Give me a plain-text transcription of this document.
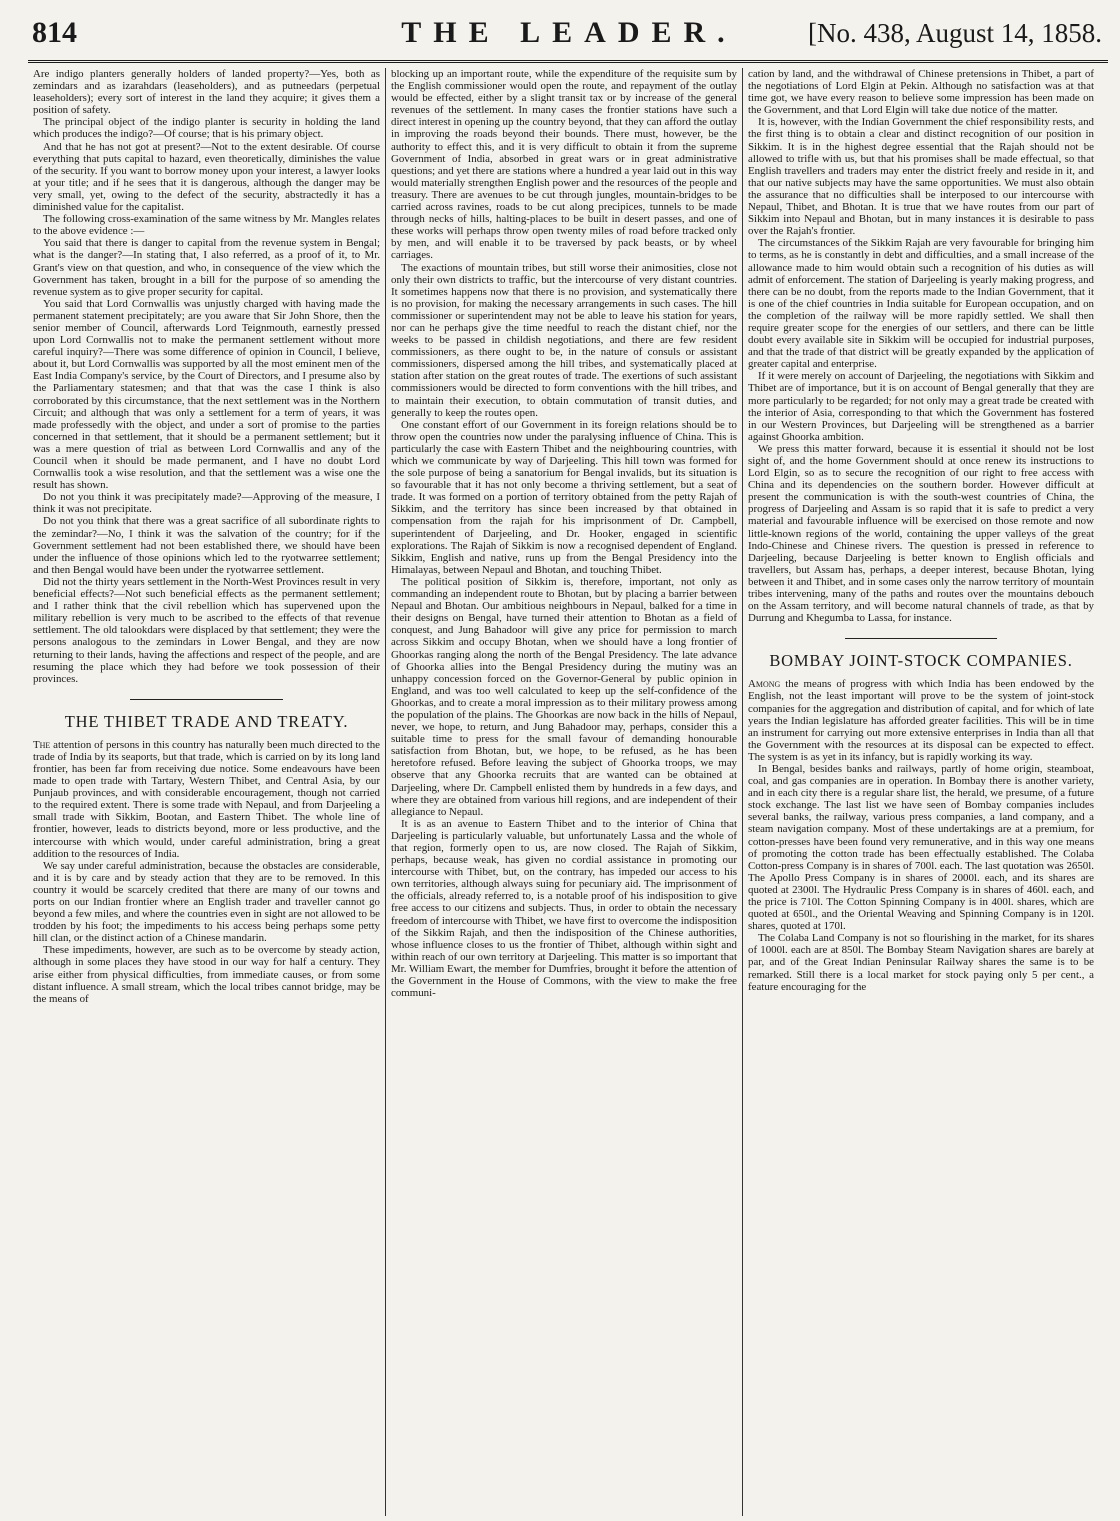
814	THE LEADER.	[No. 438, August 14, 1858.

Are indigo planters generally holders of landed property?—Yes, both as zemindars and as izarahdars (leaseholders), and as putneedars (perpetual leaseholders); every sort of interest in the land they acquire; it gives them a position of safety.

The principal object of the indigo planter is security in holding the land which produces the indigo?—Of course; that is his primary object.

And that he has not got at present?—Not to the extent desirable. Of course everything that puts capital to hazard, even theoretically, diminishes the value of the security. If you want to borrow money upon your interest, a lawyer looks at your title; and if he sees that it is dangerous, although the danger may be very small, yet, owing to the defect of the security, abstractedly it has a diminished value for the capitalist.

The following cross-examination of the same witness by Mr. Mangles relates to the above evidence :—

You said that there is danger to capital from the revenue system in Bengal; what is the danger?—In stating that, I also referred, as a proof of it, to Mr. Grant's view on that question, and who, in consequence of the view which the Government has taken, brought in a bill for the purpose of so amending the revenue system as to give proper security for capital.

You said that Lord Cornwallis was unjustly charged with having made the permanent statement precipitately; are you aware that Sir John Shore, then the senior member of Council, afterwards Lord Teignmouth, earnestly pressed upon Lord Cornwallis not to make the permanent settlement without more careful inquiry?—There was some difference of opinion in Council, I believe, about it, but Lord Cornwallis was supported by all the most eminent men of the East India Company's service, by the Court of Directors, and I presume also by the Parliamentary statesmen; and that that was the case I think is also corroborated by this circumstance, that the next settlement was in the Northern Circuit; and although that was only a settlement for a term of years, it was made professedly with the object, and under a sort of promise to the parties concerned in that settlement, that it should be a permanent settlement; but it was a mere question of trial as between Lord Cornwallis and any of the Council when it should be made permanent, and I have no doubt Lord Cornwallis took a wise resolution, and that the settlement was a wise one the result has shown.

Do not you think it was precipitately made?—Approving of the measure, I think it was not precipitate.

Do not you think that there was a great sacrifice of all subordinate rights to the zemindar?—No, I think it was the salvation of the country; for if the Government settlement had not been established there, we should have been under the influence of those opinions which led to the ryotwarree settlement; and then Bengal would have been under the ryotwarree settlement.

Did not the thirty years settlement in the North-West Provinces result in very beneficial effects?—Not such beneficial effects as the permanent settlement; and I rather think that the civil rebellion which has supervened upon the military rebellion is very much to be ascribed to the effects of that revenue settlement. The old talookdars were displaced by that settlement; they were the persons analogous to the zemindars in Lower Bengal, and they are now returning to their lands, having the affections and respect of the people, and are resuming the place which they had before we took possession of their provinces.

THE THIBET TRADE AND TREATY.

The attention of persons in this country has naturally been much directed to the trade of India by its seaports, but that trade, which is carried on by its long land frontier, has been far from receiving due notice. Some endeavours have been made to open trade with Tartary, Western Thibet, and Central Asia, by our Punjaub provinces, and with considerable encouragement, though not carried to the required extent. There is some trade with Nepaul, and from Darjeeling a small trade with Sikkim, Bootan, and Eastern Thibet. The whole line of frontier, however, leads to districts beyond, more or less productive, and the intercourse with which would, under careful administration, bring a great addition to the resources of India.

We say under careful administration, because the obstacles are considerable, and it is by care and by steady action that they are to be removed. In this country it would be scarcely credited that there are many of our towns and ports on our Indian frontier where an English trader and traveller cannot go beyond a few miles, and where the countries even in sight are not allowed to be trodden by his foot; the impediments to his access being perhaps some petty hill clan, or the distinct action of a Chinese mandarin.

These impediments, however, are such as to be overcome by steady action, although in some places they have stood in our way for half a century. They arise either from physical difficulties, from immediate causes, or from some distant influence. A small stream, which the local tribes cannot bridge, may be the means of

blocking up an important route, while the expenditure of the requisite sum by the English commissioner would open the route, and repayment of the outlay would be effected, either by a slight transit tax or by increase of the general revenues of the settlement. In many cases the frontier stations have such a direct interest in opening up the country beyond, that they can afford the outlay in improving the roads beyond their bounds. There must, however, be the authority to effect this, and it is very difficult to obtain it from the supreme Government of India, absorbed in great wars or in great administrative questions; and yet there are stations where a hundred a year laid out in this way would materially strengthen English power and the resources of the people and treasury. There are avenues to be cut through jungles, mountain-bridges to be carried across ravines, roads to be cut along precipices, tunnels to be made through necks of hills, halting-places to be built in desert passes, and one of these works will perhaps throw open twenty miles of road before tracked only by men, and will enable it to be traversed by pack beasts, or by wheel carriages.

The exactions of mountain tribes, but still worse their animosities, close not only their own districts to traffic, but the intercourse of very distant countries. It sometimes happens now that there is no provision, and systematically there is no provision, for making the necessary arrangements in such cases. The hill commissioner or superintendent may not be able to leave his station for years, nor can he perhaps give the time needful to reach the distant chief, nor the weeks to be passed in childish negotiations, and there are few resident commissioners, as there ought to be, in the nature of consuls or assistant commissioners, dispersed among the hill tribes, and systematically placed at station after station on the great routes of trade. The exertions of such assistant commissioners would be directed to form conventions with the hill tribes, and to maintain their execution, to obtain commutation of transit duties, and generally to keep the routes open.

One constant effort of our Government in its foreign relations should be to throw open the countries now under the paralysing influence of China. This is particularly the case with Eastern Thibet and the neighbouring countries, with which we communicate by way of Darjeeling. This hill town was formed for the sole purpose of being a sanatorium for Bengal invalids, but its situation is so favourable that it has not only become a thriving settlement, but a seat of trade. It was formed on a portion of territory obtained from the petty Rajah of Sikkim, and the territory has since been increased by that obtained in compensation from the rajah for his imprisonment of Dr. Campbell, superintendent of Darjeeling, and Dr. Hooker, engaged in scientific explorations. The Rajah of Sikkim is now a recognised dependent of England. Sikkim, English and native, runs up from the Bengal Presidency into the Himalayas, between Nepaul and Bhotan, and touching Thibet.

The political position of Sikkim is, therefore, important, not only as commanding an independent route to Bhotan, but by placing a barrier between Nepaul and Bhotan. Our ambitious neighbours in Nepaul, balked for a time in their designs on Bengal, have turned their attention to Bhotan as a field of conquest, and Jung Bahadoor will give any price for permission to march across Sikkim and occupy Bhotan, when we should have a long frontier of Ghoorkas ranging along the north of the Bengal Presidency. The late advance of Ghoorka allies into the Bengal Presidency during the mutiny was an unhappy concession forced on the Governor-General by public opinion in England, and was too well calculated to keep up the self-confidence of the Ghoorkas, and to create a moral impression as to their military prowess among the population of the plains. The Ghoorkas are now back in the hills of Nepaul, never, we hope, to return, and Jung Bahadoor may, perhaps, consider this a suitable time to press for the small favour of demanding honourable satisfaction from Bhotan, but, we hope, to be refused, as he has been heretofore refused. Before leaving the subject of Ghoorka troops, we may observe that any Ghoorka recruits that are wanted can be obtained at Darjeeling, where Dr. Campbell enlisted them by hundreds in a few days, and where they are obtained from various hill regions, and are independent of their allegiance to Nepaul.

It is as an avenue to Eastern Thibet and to the interior of China that Darjeeling is particularly valuable, but unfortunately Lassa and the whole of that region, formerly open to us, are now closed. The Rajah of Sikkim, perhaps, because weak, has given no cordial assistance in promoting our intercourse with Thibet, but, on the contrary, has impeded our access to his own territories, although always suing for pecuniary aid. The imprisonment of the officials, already referred to, is a notable proof of his indisposition to give free access to our citizens and subjects. Thus, in order to obtain the necessary freedom of intercourse with Thibet, we have first to overcome the indisposition of the Sikkim Rajah, and then the indisposition of the Chinese authorities, whose influence closes to us the frontier of Thibet, although within sight and within reach of our own territory at Darjeeling. This matter is so important that Mr. William Ewart, the member for Dumfries, brought it before the attention of the Government in the House of Commons, with the view to make the free communi-

cation by land, and the withdrawal of Chinese pretensions in Thibet, a part of the negotiations of Lord Elgin at Pekin. Although no satisfaction was at that time got, we have every reason to believe some impression has been made on the Government, and that Lord Elgin will take due notice of the matter.

It is, however, with the Indian Government the chief responsibility rests, and the first thing is to obtain a clear and distinct recognition of our position in Sikkim. It is in the highest degree essential that the Rajah should not be allowed to trifle with us, but that his promises shall be made effectual, so that English travellers and traders may enter the district freely and reside in it, and that our native subjects may have the same opportunities. We must also obtain the assurance that no difficulties shall be interposed to our intercourse with Nepaul, Thibet, and Bhotan. It is true that we have routes from our part of Sikkim into Nepaul and Bhotan, but in many instances it is desirable to pass over the Rajah's frontier.

The circumstances of the Sikkim Rajah are very favourable for bringing him to terms, as he is constantly in debt and difficulties, and a small increase of the allowance made to him would obtain such a recognition of his duties as will admit of enforcement. The station of Darjeeling is yearly making progress, and there can be no doubt, from the reports made to the Indian Government, that it is one of the chief countries in India suitable for European occupation, and on the completion of the railway will be more rapidly settled. We shall then require greater scope for the energies of our settlers, and there can be little doubt every available site in Sikkim will be occupied for industrial purposes, and that the trade of that district will be greatly expanded by the application of greater capital and enterprise.

If it were merely on account of Darjeeling, the negotiations with Sikkim and Thibet are of importance, but it is on account of Bengal generally that they are more particularly to be regarded; for not only may a great trade be created with the interior of Asia, corresponding to that which the Government has fostered in our Western Provinces, but Darjeeling will be strengthened as a barrier against Ghoorka ambition.

We press this matter forward, because it is essential it should not be lost sight of, and the home Government should at once renew its instructions to Lord Elgin, so as to secure the recognition of our right to free access with China and its dependencies on the southern border. However difficult at present the communication is with the south-west countries of China, the progress of Darjeeling and Assam is so rapid that it is safe to predict a very material and favourable influence will be exercised on those remote and now little-known regions of the world, containing the upper valleys of the great Indo-Chinese and Chinese rivers. The question is pressed in reference to Darjeeling, because Darjeeling is better known to English officials and travellers, but Assam has, perhaps, a deeper interest, because Bhotan, lying between it and Thibet, and in some cases only the narrow territory of mountain tribes intervening, many of the paths and routes over the mountains debouch on the Assam territory, and will become natural channels of trade, as that by Durrung and Khegumba to Lassa, for instance.

BOMBAY JOINT-STOCK COMPANIES.

Among the means of progress with which India has been endowed by the English, not the least important will prove to be the system of joint-stock companies for the aggregation and distribution of capital, and for which of late years the Indian legislature has afforded greater facilities. This will be in time an instrument for carrying out more extensive enterprises in India than all that the Government with the resources at its disposal can be expected to effect. The system is as yet in its infancy, but is rapidly working its way.

In Bengal, besides banks and railways, partly of home origin, steamboat, coal, and gas companies are in operation. In Bombay there is another variety, and in each city there is a regular share list, the herald, we presume, of a future stock exchange. The last list we have seen of Bombay companies includes several banks, the railway, various press companies, a land company, and a steam navigation company. Most of these undertakings are at a premium, for cotton-presses have been found very remunerative, and in this way one means of promoting the cotton trade has been effectually established. The Colaba Cotton-press Company is in shares of 700l. each. The last quotation was 2650l. The Apollo Press Company is in shares of 2000l. each, and its shares are quoted at 2300l. The Hydraulic Press Company is in shares of 460l. each, and the price is 710l. The Cotton Spinning Company is in 400l. shares, which are quoted at 650l., and the Oriental Weaving and Spinning Company is in 120l. shares, quoted at 170l.

The Colaba Land Company is not so flourishing in the market, for its shares of 1000l. each are at 850l. The Bombay Steam Navigation shares are barely at par, and of the Great Indian Peninsular Railway shares the same is to be remarked. Still there is a local market for stock paying only 5 per cent., a feature encouraging for the
